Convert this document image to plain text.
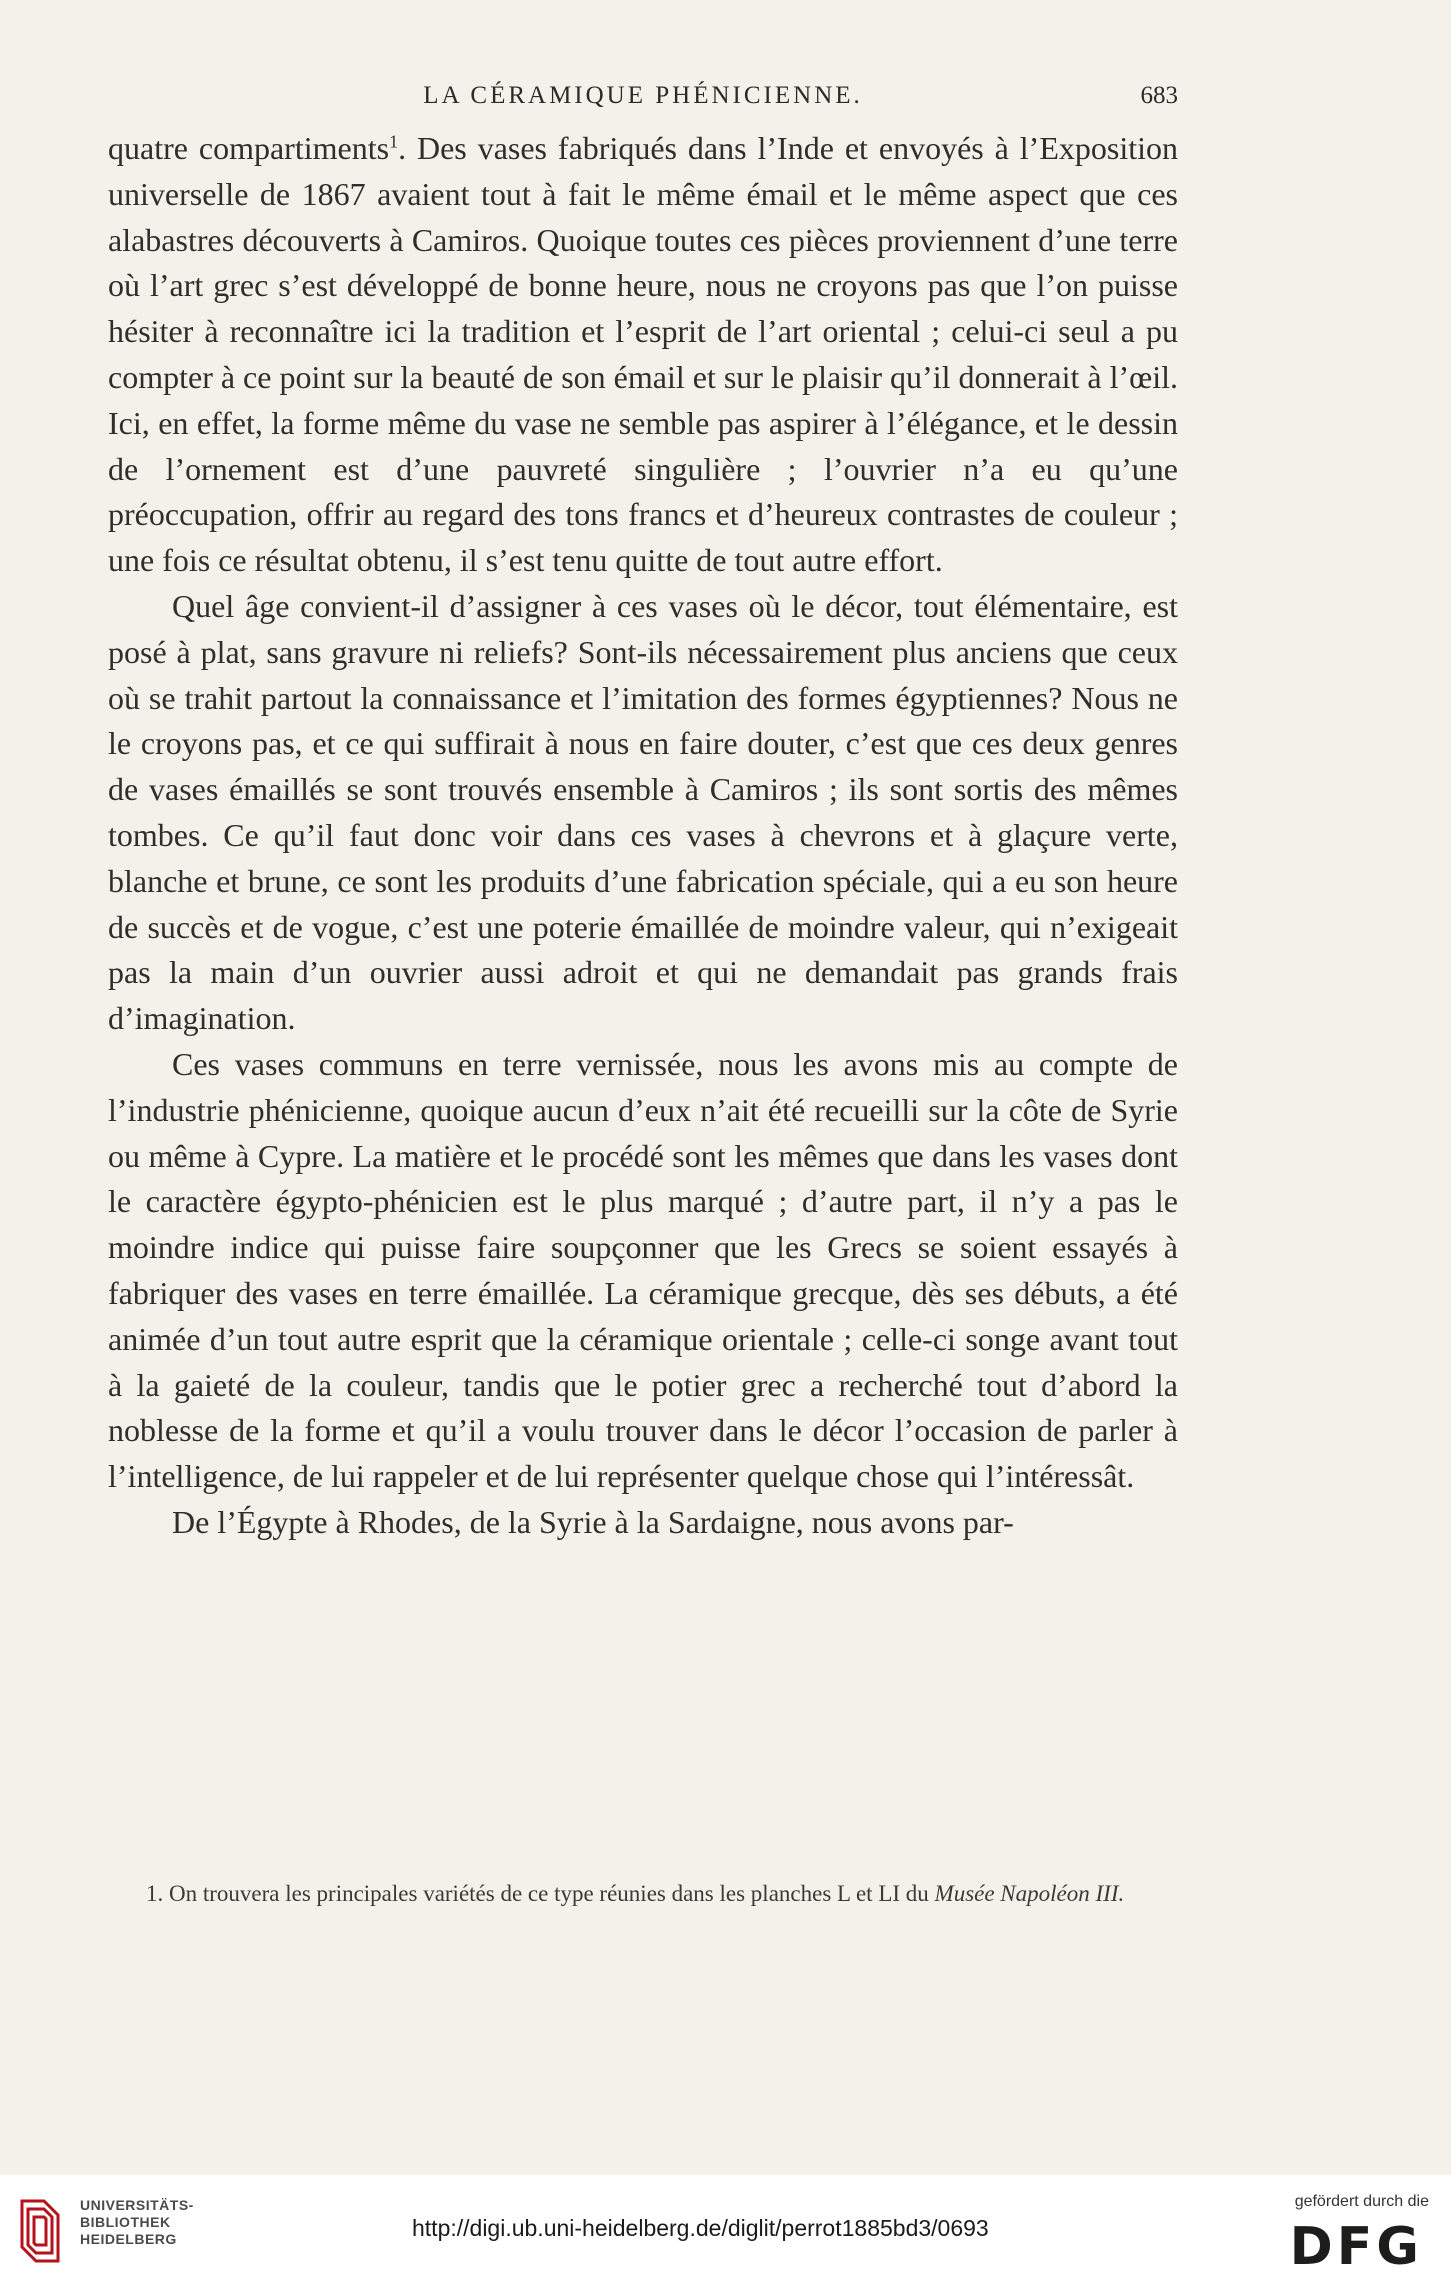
LA CÉRAMIQUE PHÉNICIENNE.	683

quatre compartiments$^1$. Des vases fabriqués dans l’Inde et envoyés à l’Exposition universelle de 1867 avaient tout à fait le même émail et le même aspect que ces alabastres découverts à Camiros. Quoique toutes ces pièces proviennent d’une terre où l’art grec s’est développé de bonne heure, nous ne croyons pas que l’on puisse hésiter à reconnaître ici la tradition et l’esprit de l’art oriental ; celui-ci seul a pu compter à ce point sur la beauté de son émail et sur le plaisir qu’il donnerait à l’œil. Ici, en effet, la forme même du vase ne semble pas aspirer à l’élégance, et le dessin de l’ornement est d’une pauvreté singulière ; l’ouvrier n’a eu qu’une préoccupation, offrir au regard des tons francs et d’heureux contrastes de couleur ; une fois ce résultat obtenu, il s’est tenu quitte de tout autre effort.

Quel âge convient-il d’assigner à ces vases où le décor, tout élémentaire, est posé à plat, sans gravure ni reliefs? Sont-ils nécessairement plus anciens que ceux où se trahit partout la connaissance et l’imitation des formes égyptiennes? Nous ne le croyons pas, et ce qui suffirait à nous en faire douter, c’est que ces deux genres de vases émaillés se sont trouvés ensemble à Camiros ; ils sont sortis des mêmes tombes. Ce qu’il faut donc voir dans ces vases à chevrons et à glaçure verte, blanche et brune, ce sont les produits d’une fabrication spéciale, qui a eu son heure de succès et de vogue, c’est une poterie émaillée de moindre valeur, qui n’exigeait pas la main d’un ouvrier aussi adroit et qui ne demandait pas grands frais d’imagination.

Ces vases communs en terre vernissée, nous les avons mis au compte de l’industrie phénicienne, quoique aucun d’eux n’ait été recueilli sur la côte de Syrie ou même à Cypre. La matière et le procédé sont les mêmes que dans les vases dont le caractère égypto-phénicien est le plus marqué ; d’autre part, il n’y a pas le moindre indice qui puisse faire soupçonner que les Grecs se soient essayés à fabriquer des vases en terre émaillée. La céramique grecque, dès ses débuts, a été animée d’un tout autre esprit que la céramique orientale ; celle-ci songe avant tout à la gaieté de la couleur, tandis que le potier grec a recherché tout d’abord la noblesse de la forme et qu’il a voulu trouver dans le décor l’occasion de parler à l’intelligence, de lui rappeler et de lui représenter quelque chose qui l’intéressât.

De l’Égypte à Rhodes, de la Syrie à la Sardaigne, nous avons par-

1. On trouvera les principales variétés de ce type réunies dans les planches L et LI du Musée Napoléon III.
UNIVERSITÄTS-
BIBLIOTHEK
HEIDELBERG	http://digi.ub.uni-heidelberg.de/diglit/perrot1885bd3/0693
gefördert durch die
DFG
